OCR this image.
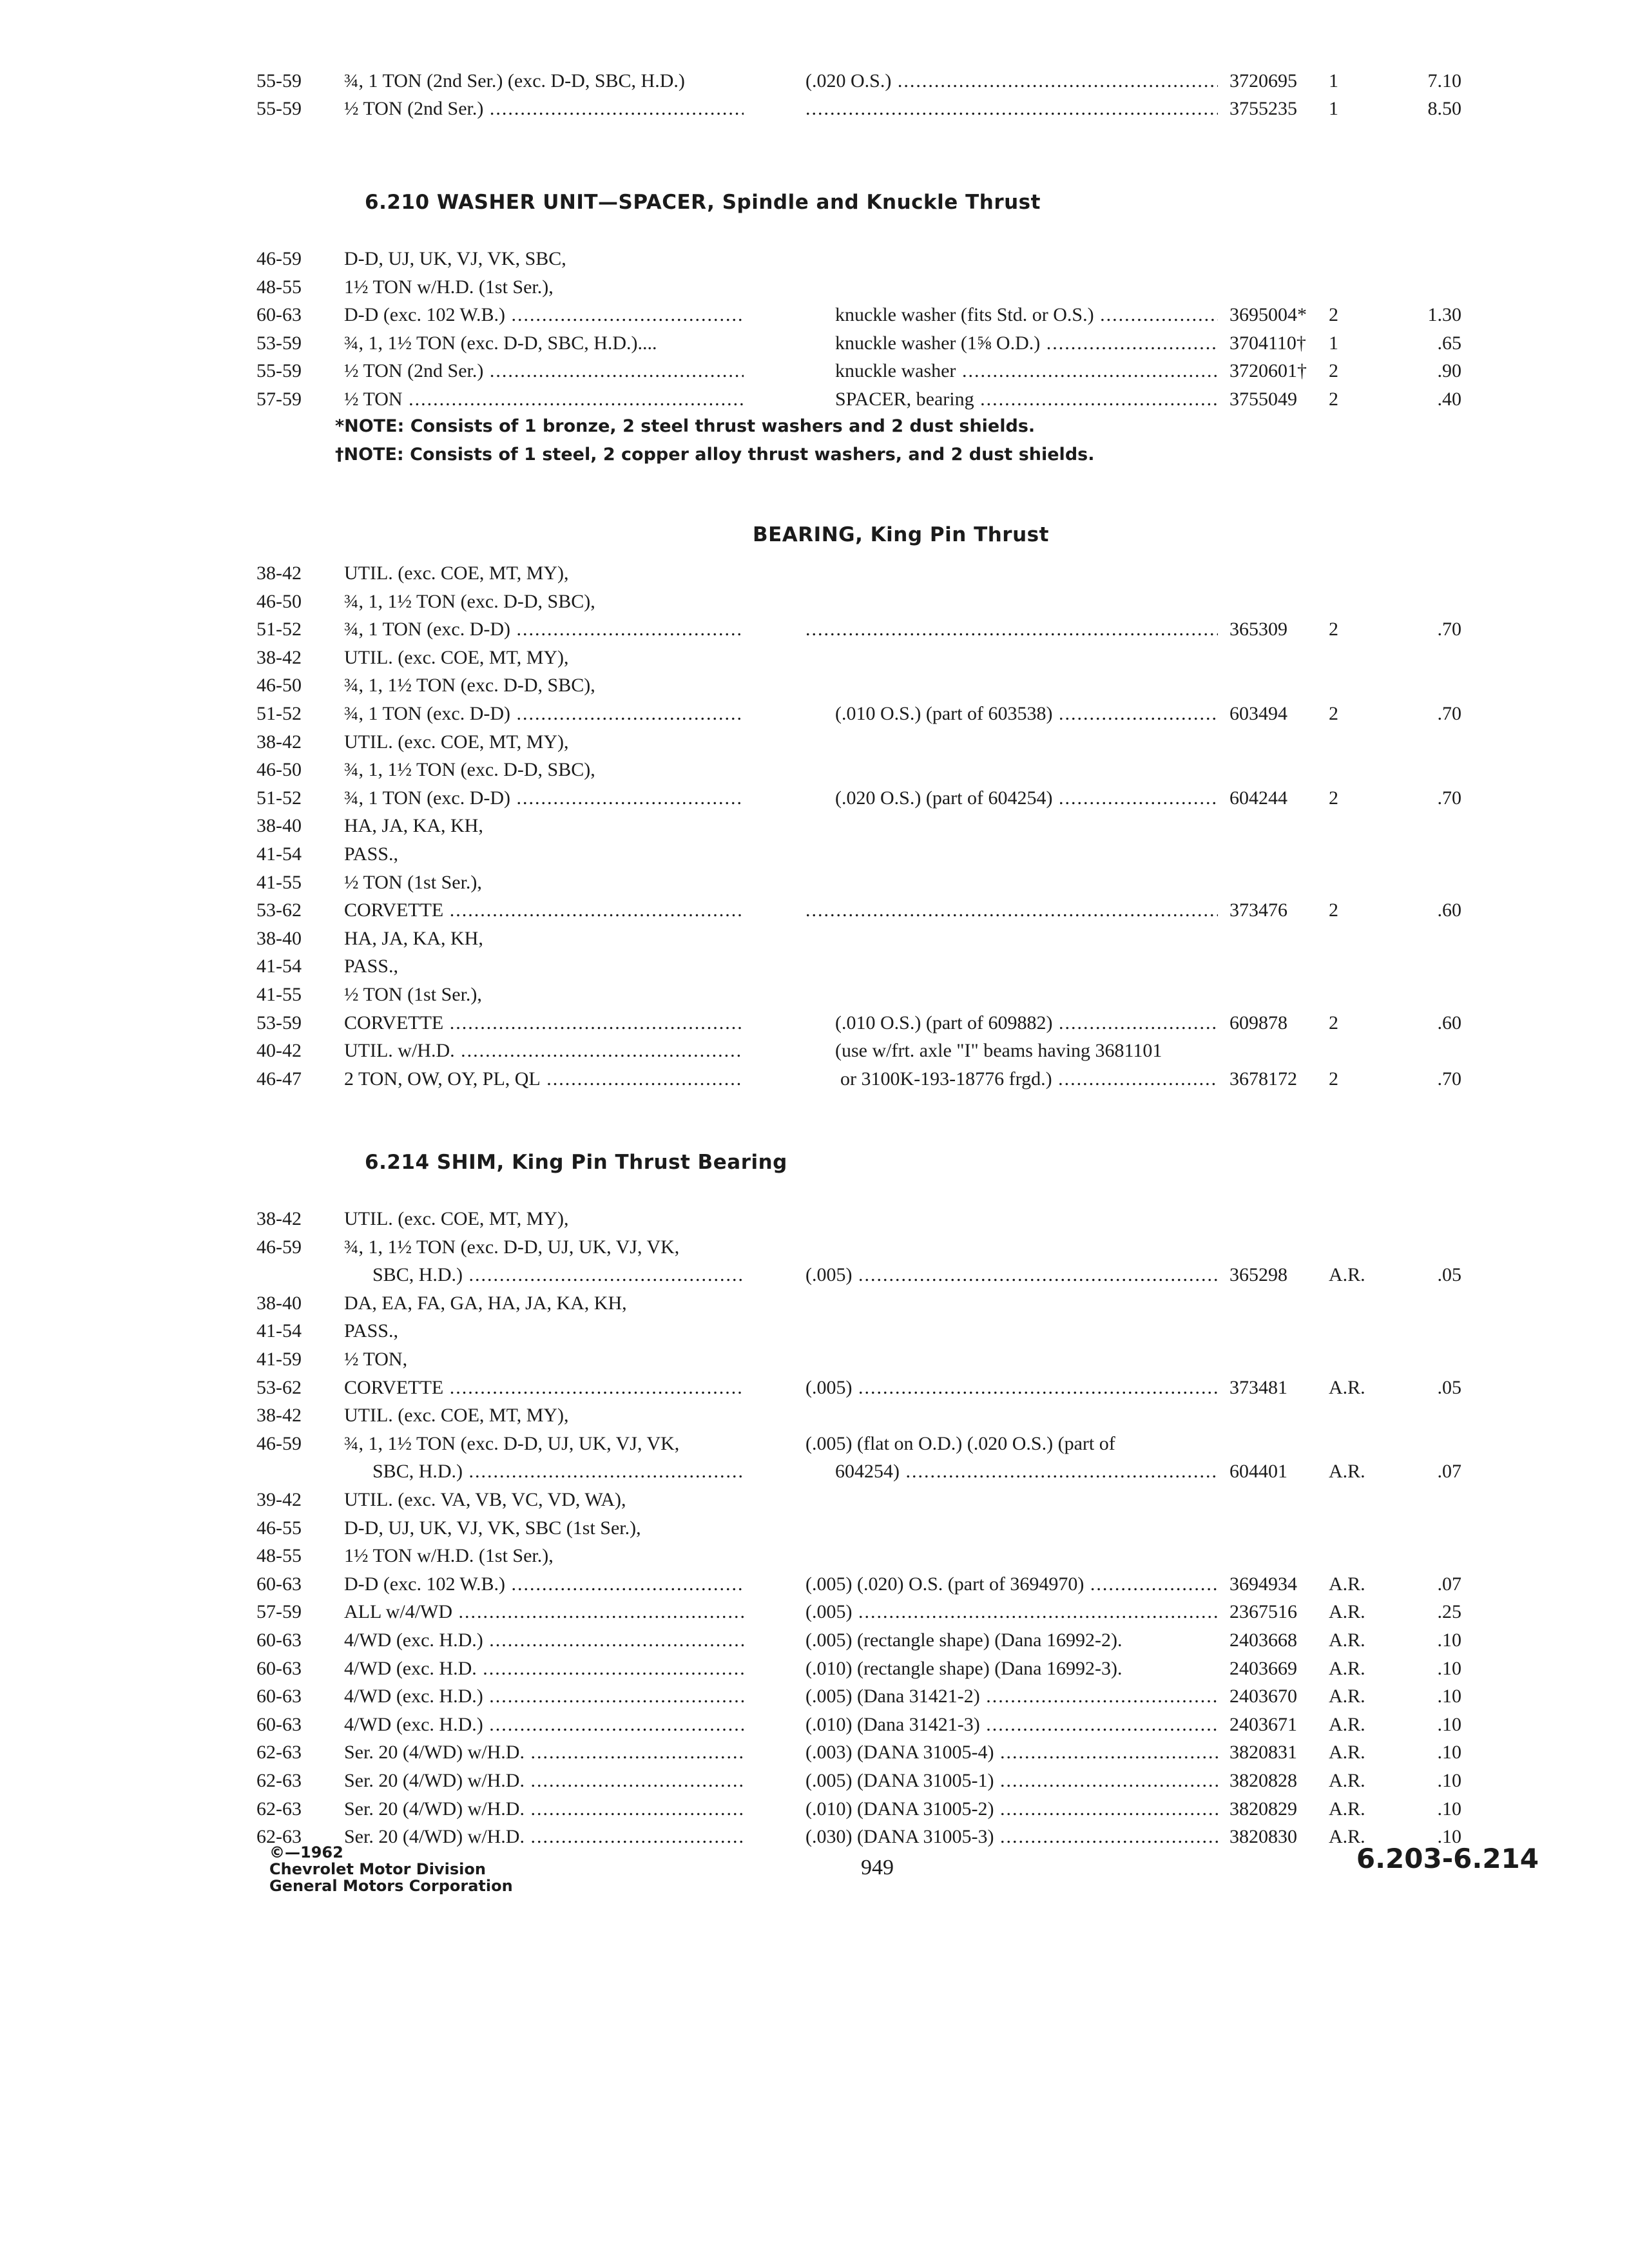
55-59 ¾, 1 TON (2nd Ser.) (exc. D-D, SBC, H.D.)	(.020 O.S.) .....	3720695 1	7.10
55-59 ½ TON (2nd Ser.) ..... .....	3755235 1	8.50
6.210 WASHER UNIT—SPACER, Spindle and Knuckle Thrust
46-59 D-D, UJ, UK, VJ, VK, SBC,
48-55 1½ TON w/H.D. (1st Ser.),
60-63 D-D (exc. 102 W.B.) .....	knuckle washer (fits Std. or O.S.) .....	3695004* 2	1.30
53-59 ¾, 1, 1½ TON (exc. D-D, SBC, H.D.)....	knuckle washer (1⅝ O.D.) .....	3704110† 1	.65
55-59 ½ TON (2nd Ser.) .....	knuckle washer .....	3720601† 2	.90
57-59 ½ TON .....	SPACER, bearing .....	3755049 2	.40
*NOTE: Consists of 1 bronze, 2 steel thrust washers and 2 dust shields.
†NOTE: Consists of 1 steel, 2 copper alloy thrust washers, and 2 dust shields.
BEARING, King Pin Thrust
38-42 UTIL. (exc. COE, MT, MY),
46-50 ¾, 1, 1½ TON (exc. D-D, SBC),
51-52 ¾, 1 TON (exc. D-D) ..... .....	365309 2	.70
38-42 UTIL. (exc. COE, MT, MY),
46-50 ¾, 1, 1½ TON (exc. D-D, SBC),
51-52 ¾, 1 TON (exc. D-D) .....	(.010 O.S.) (part of 603538) .....	603494 2	.70
38-42 UTIL. (exc. COE, MT, MY),
46-50 ¾, 1, 1½ TON (exc. D-D, SBC),
51-52 ¾, 1 TON (exc. D-D) .....	(.020 O.S.) (part of 604254) .....	604244 2	.70
38-40 HA, JA, KA, KH,
41-54 PASS.,
41-55 ½ TON (1st Ser.),
53-62 CORVETTE ..... .....	373476 2	.60
38-40 HA, JA, KA, KH,
41-54 PASS.,
41-55 ½ TON (1st Ser.),
53-59 CORVETTE .....	(.010 O.S.) (part of 609882) .....	609878 2	.60
40-42 UTIL. w/H.D. .....	(use w/frt. axle "I" beams having 3681101
46-47 2 TON, OW, OY, PL, QL .....	or 3100K-193-18776 frgd.) .....	3678172 2	.70
6.214 SHIM, King Pin Thrust Bearing
38-42 UTIL. (exc. COE, MT, MY),
46-59 ¾, 1, 1½ TON (exc. D-D, UJ, UK, VJ, VK,
SBC, H.D.) .....	(.005) .....	365298 A.R.	.05
38-40 DA, EA, FA, GA, HA, JA, KA, KH,
41-54 PASS.,
41-59 ½ TON,
53-62 CORVETTE .....	(.005) .....	373481 A.R.	.05
38-42 UTIL. (exc. COE, MT, MY),
46-59 ¾, 1, 1½ TON (exc. D-D, UJ, UK, VJ, VK,	(.005) (flat on O.D.) (.020 O.S.) (part of
SBC, H.D.) .....	604254) .....	604401 A.R.	.07
39-42 UTIL. (exc. VA, VB, VC, VD, WA),
46-55 D-D, UJ, UK, VJ, VK, SBC (1st Ser.),
48-55 1½ TON w/H.D. (1st Ser.),
60-63 D-D (exc. 102 W.B.) .....	(.005) (.020) O.S. (part of 3694970) .....	3694934 A.R.	.07
57-59 ALL w/4/WD .....	(.005) .....	2367516 A.R.	.25
60-63 4/WD (exc. H.D.) .....	(.005) (rectangle shape) (Dana 16992-2).	2403668 A.R.	.10
60-63 4/WD (exc. H.D. .....	(.010) (rectangle shape) (Dana 16992-3).	2403669 A.R.	.10
60-63 4/WD (exc. H.D.) .....	(.005) (Dana 31421-2) .....	2403670 A.R.	.10
60-63 4/WD (exc. H.D.) .....	(.010) (Dana 31421-3) .....	2403671 A.R.	.10
62-63 Ser. 20 (4/WD) w/H.D. .....	(.003) (DANA 31005-4) .....	3820831 A.R.	.10
62-63 Ser. 20 (4/WD) w/H.D. .....	(.005) (DANA 31005-1) .....	3820828 A.R.	.10
62-63 Ser. 20 (4/WD) w/H.D. .....	(.010) (DANA 31005-2) .....	3820829 A.R.	.10
62-63 Ser. 20 (4/WD) w/H.D. .....	(.030) (DANA 31005-3) .....	3820830 A.R.	.10
©—1962
Chevrolet Motor Division
General Motors Corporation
949	6.203-6.214
